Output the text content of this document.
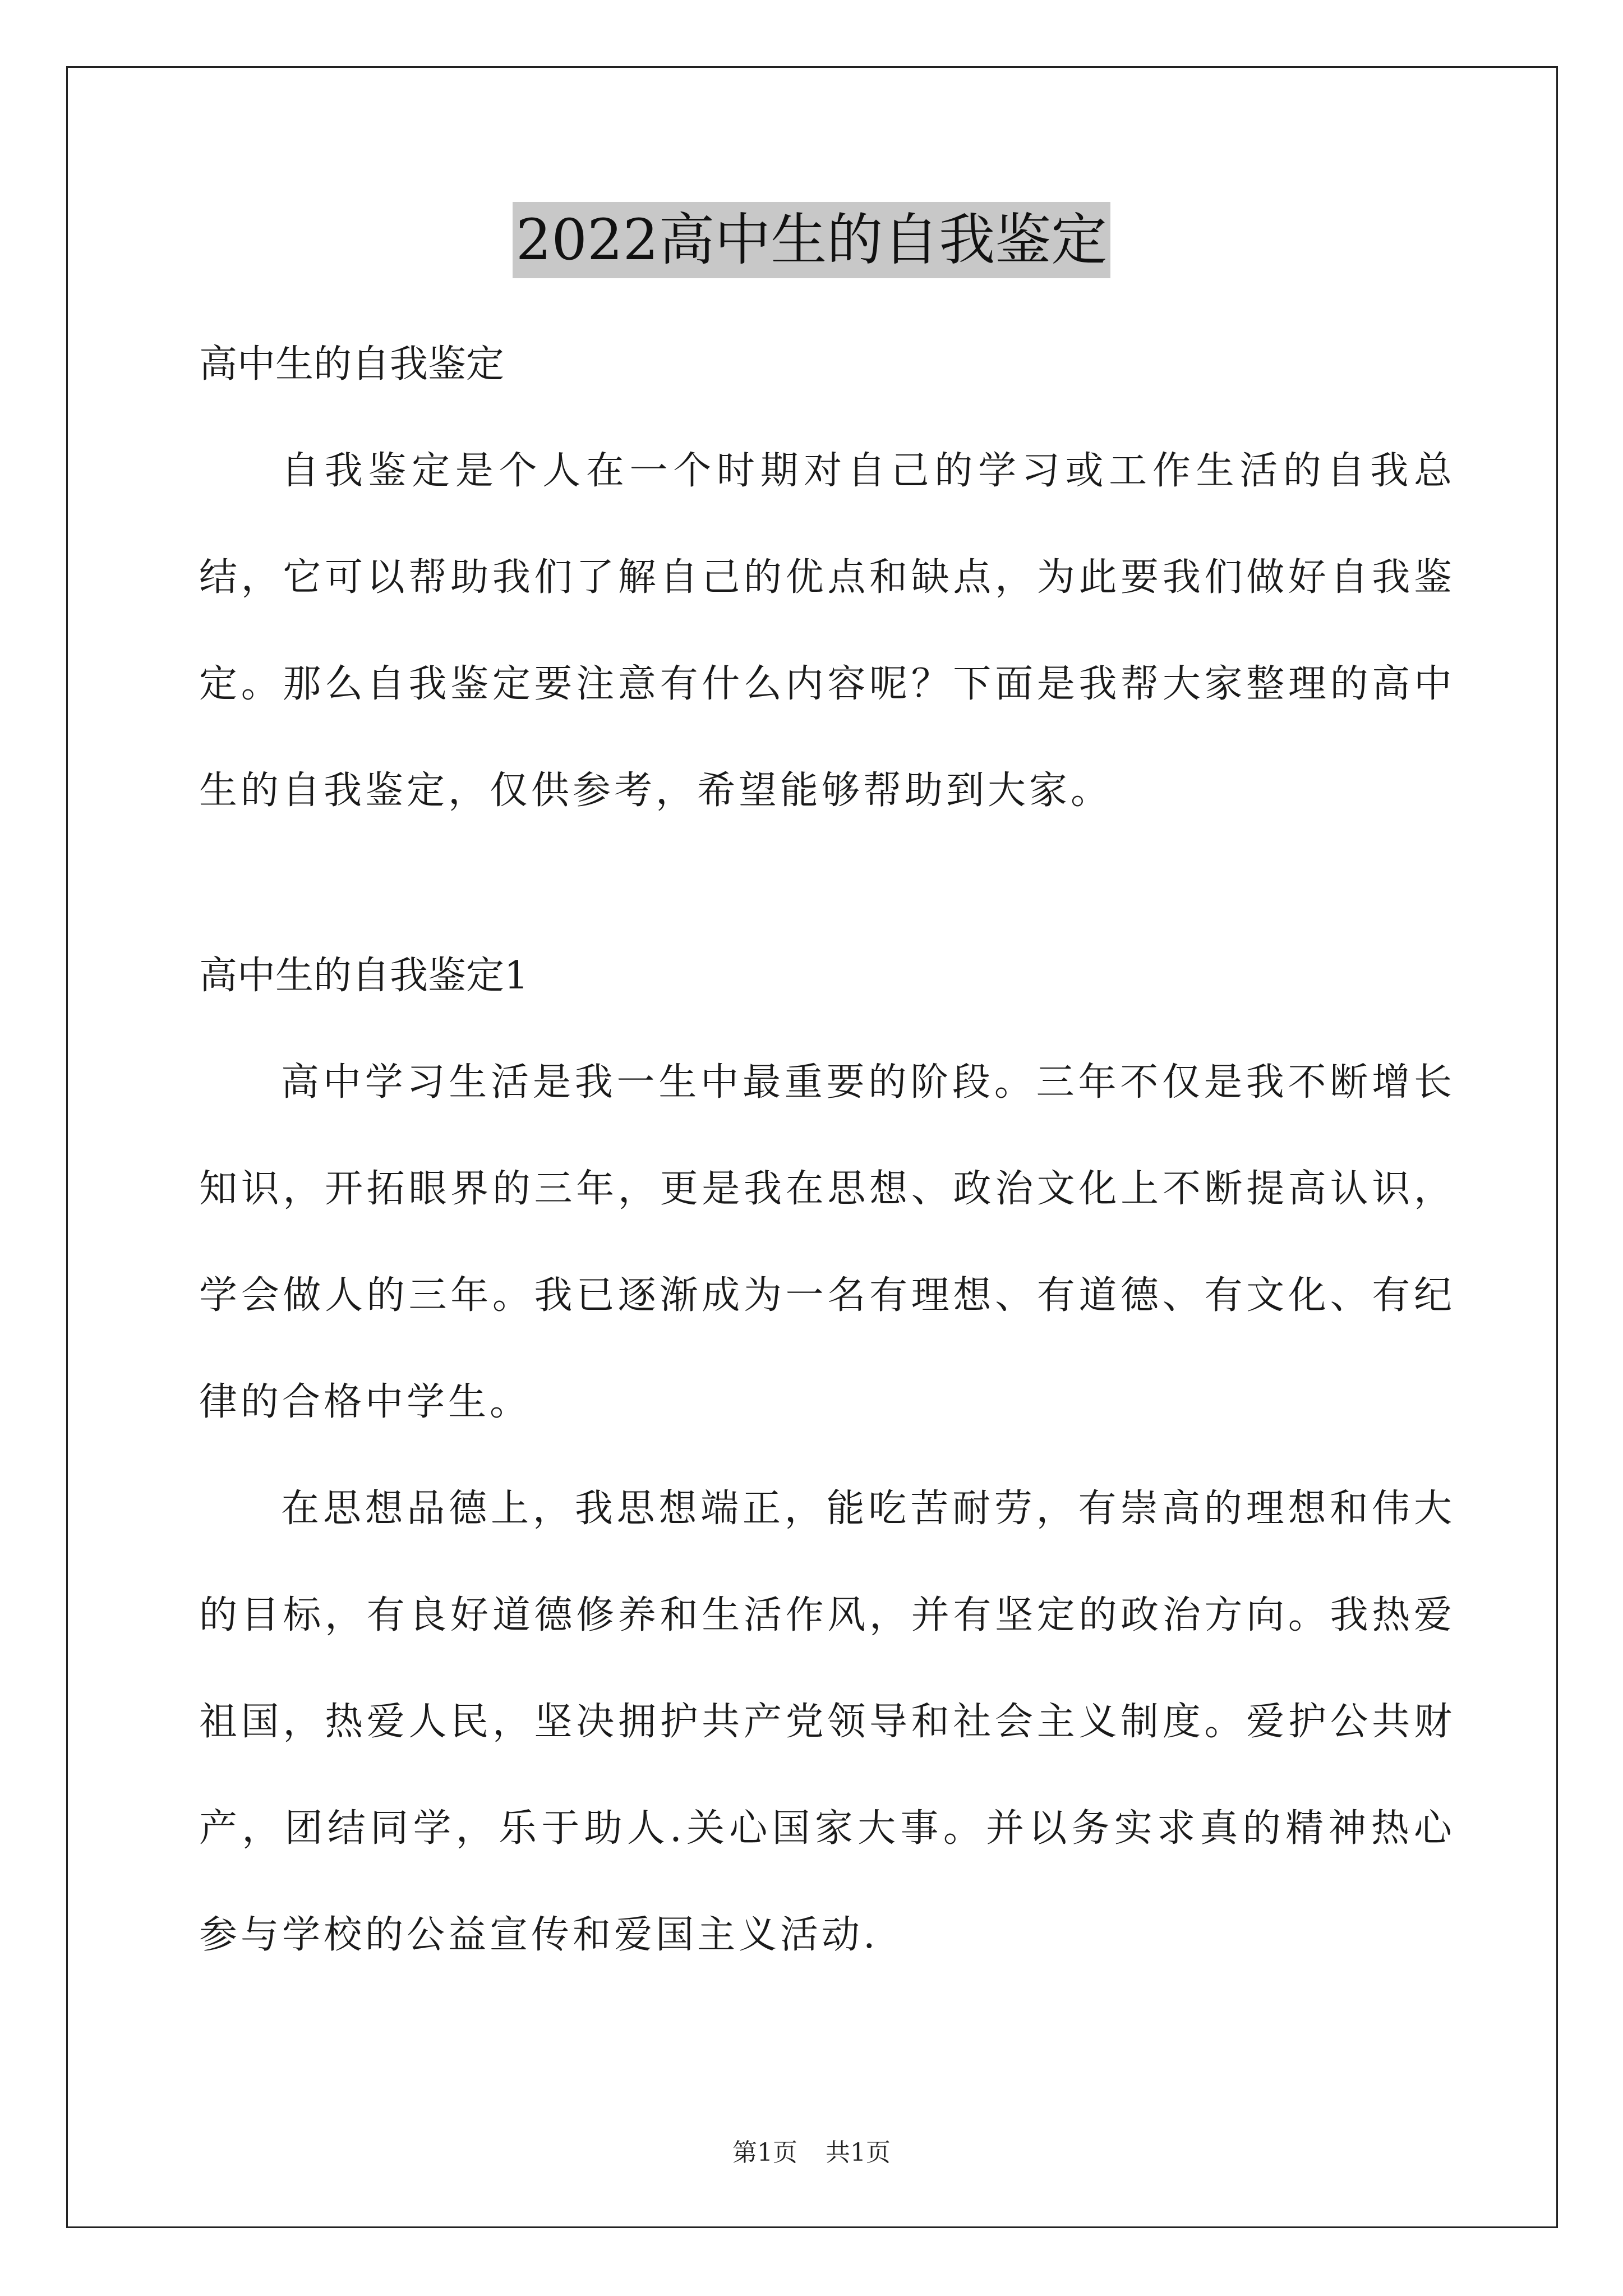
2022高中生的自我鉴定

高中生的自我鉴定

自我鉴定是个人在一个时期对自己的学习或工作生活的自我总结，它可以帮助我们了解自己的优点和缺点，为此要我们做好自我鉴定。那么自我鉴定要注意有什么内容呢？下面是我帮大家整理的高中生的自我鉴定，仅供参考，希望能够帮助到大家。

高中生的自我鉴定1

高中学习生活是我一生中最重要的阶段。三年不仅是我不断增长知识，开拓眼界的三年，更是我在思想、政治文化上不断提高认识，学会做人的三年。我已逐渐成为一名有理想、有道德、有文化、有纪律的合格中学生。

在思想品德上，我思想端正，能吃苦耐劳，有崇高的理想和伟大的目标，有良好道德修养和生活作风，并有坚定的政治方向。我热爱祖国，热爱人民，坚决拥护共产党领导和社会主义制度。爱护公共财产，团结同学，乐于助人.关心国家大事。并以务实求真的精神热心参与学校的公益宣传和爱国主义活动.

第1页 共1页
